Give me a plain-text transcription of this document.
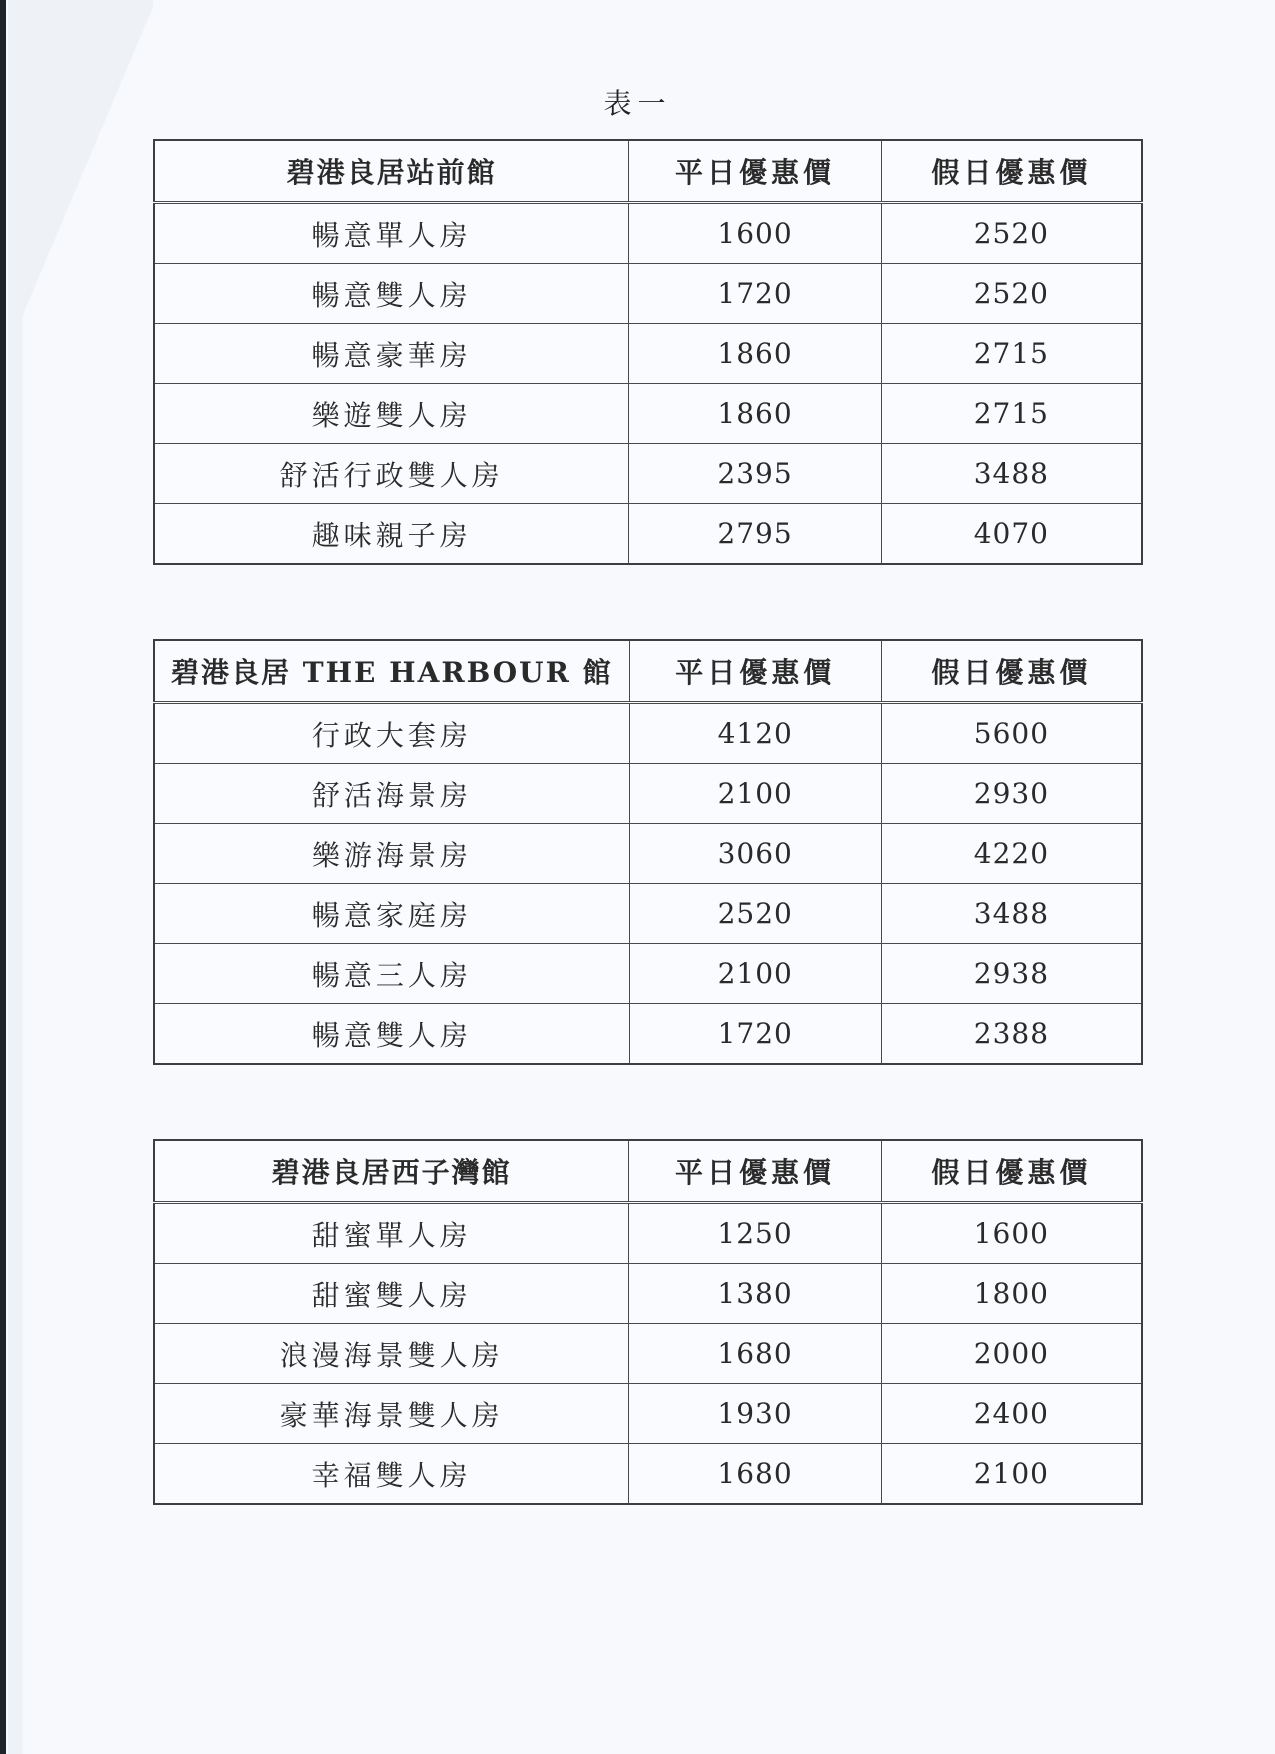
表一
碧港良居站前館	平日優惠價	假日優惠價
暢意單人房	1600	2520
暢意雙人房	1720	2520
暢意豪華房	1860	2715
樂遊雙人房	1860	2715
舒活行政雙人房	2395	3488
趣味親子房	2795	4070
碧港良居 THE HARBOUR 館	平日優惠價	假日優惠價
行政大套房	4120	5600
舒活海景房	2100	2930
樂游海景房	3060	4220
暢意家庭房	2520	3488
暢意三人房	2100	2938
暢意雙人房	1720	2388
碧港良居西子灣館	平日優惠價	假日優惠價
甜蜜單人房	1250	1600
甜蜜雙人房	1380	1800
浪漫海景雙人房	1680	2000
豪華海景雙人房	1930	2400
幸福雙人房	1680	2100
